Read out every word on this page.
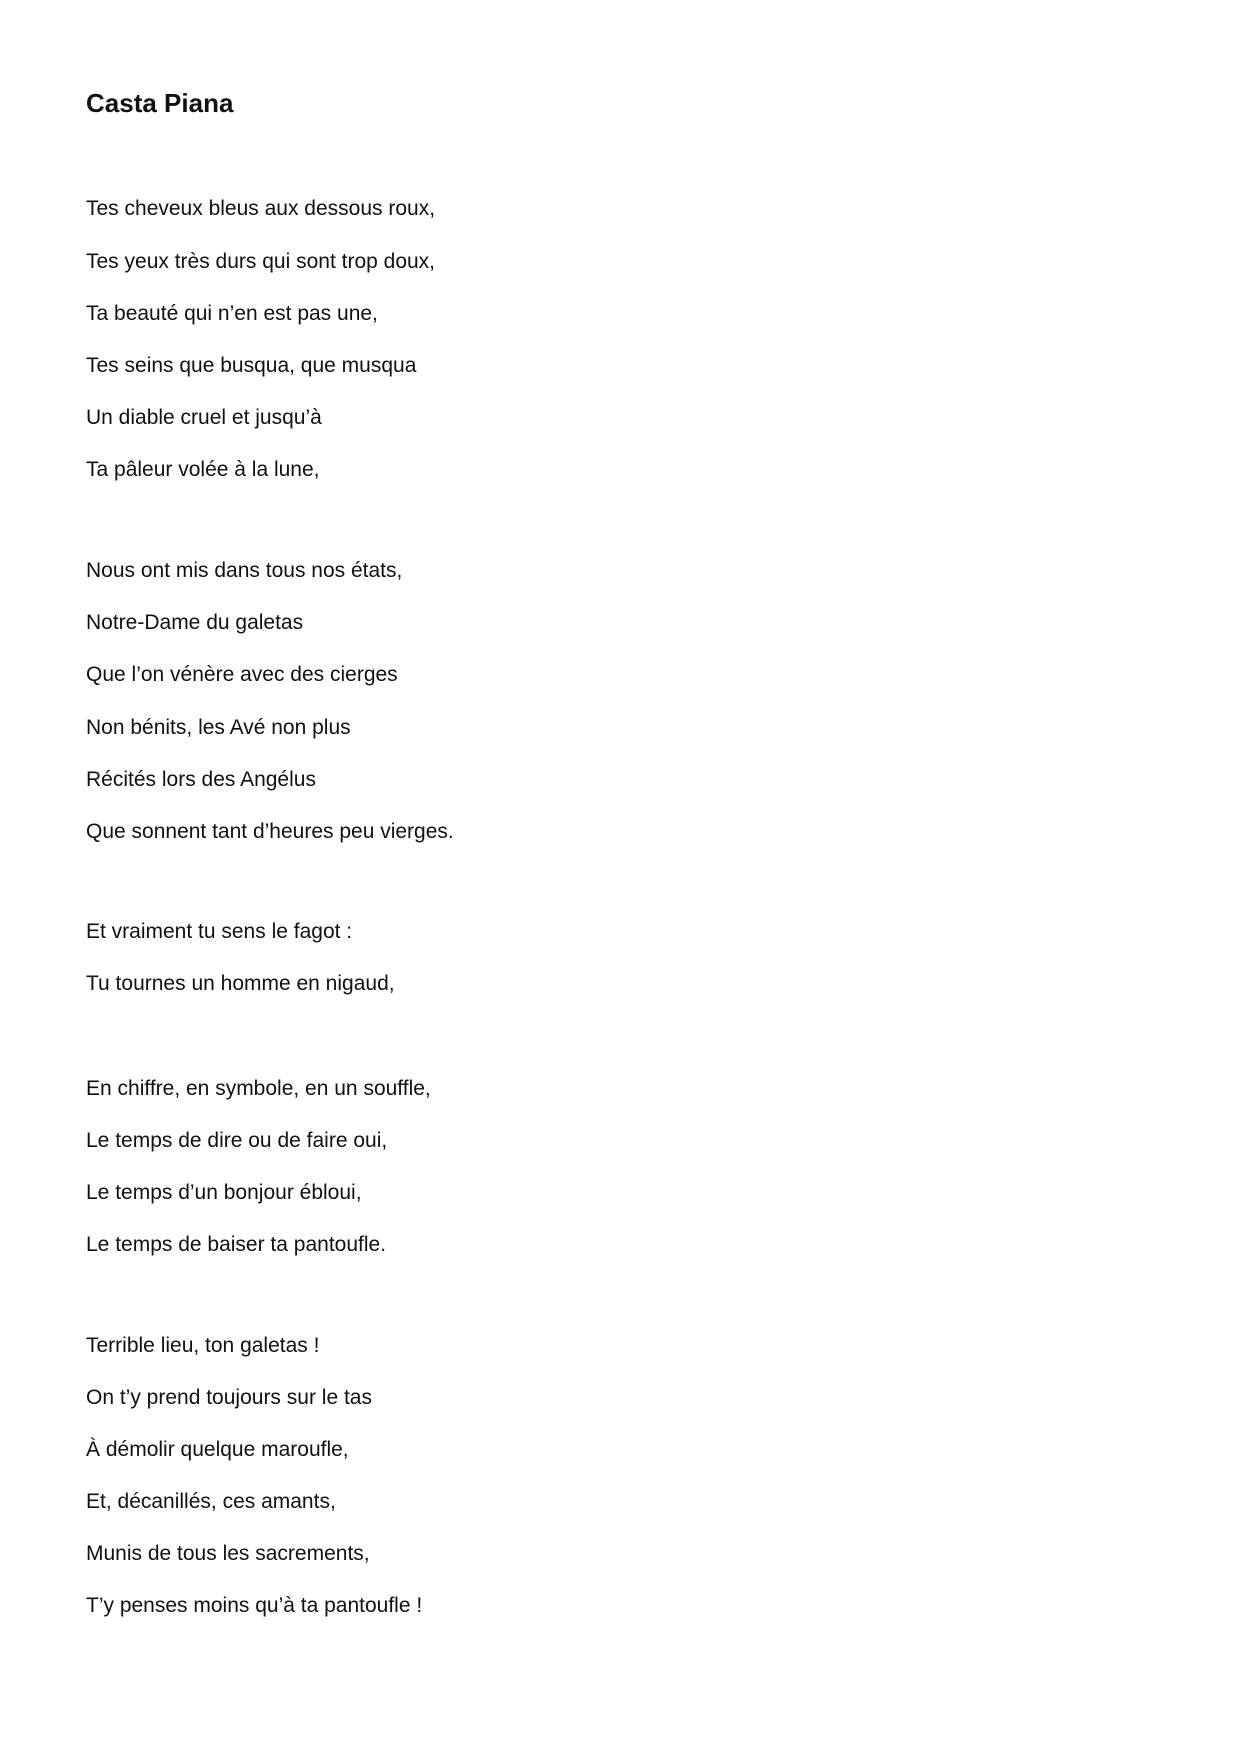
Casta Piana

Tes cheveux bleus aux dessous roux,

Tes yeux très durs qui sont trop doux,

Ta beauté qui n’en est pas une,

Tes seins que busqua, que musqua

Un diable cruel et jusqu’à

Ta pâleur volée à la lune,

Nous ont mis dans tous nos états,

Notre-Dame du galetas

Que l’on vénère avec des cierges

Non bénits, les Avé non plus

Récités lors des Angélus

Que sonnent tant d’heures peu vierges.

Et vraiment tu sens le fagot :

Tu tournes un homme en nigaud,

En chiffre, en symbole, en un souffle,

Le temps de dire ou de faire oui,

Le temps d’un bonjour ébloui,

Le temps de baiser ta pantoufle.

Terrible lieu, ton galetas !

On t’y prend toujours sur le tas

À démolir quelque maroufle,

Et, décanillés, ces amants,

Munis de tous les sacrements,

T’y penses moins qu’à ta pantoufle !
